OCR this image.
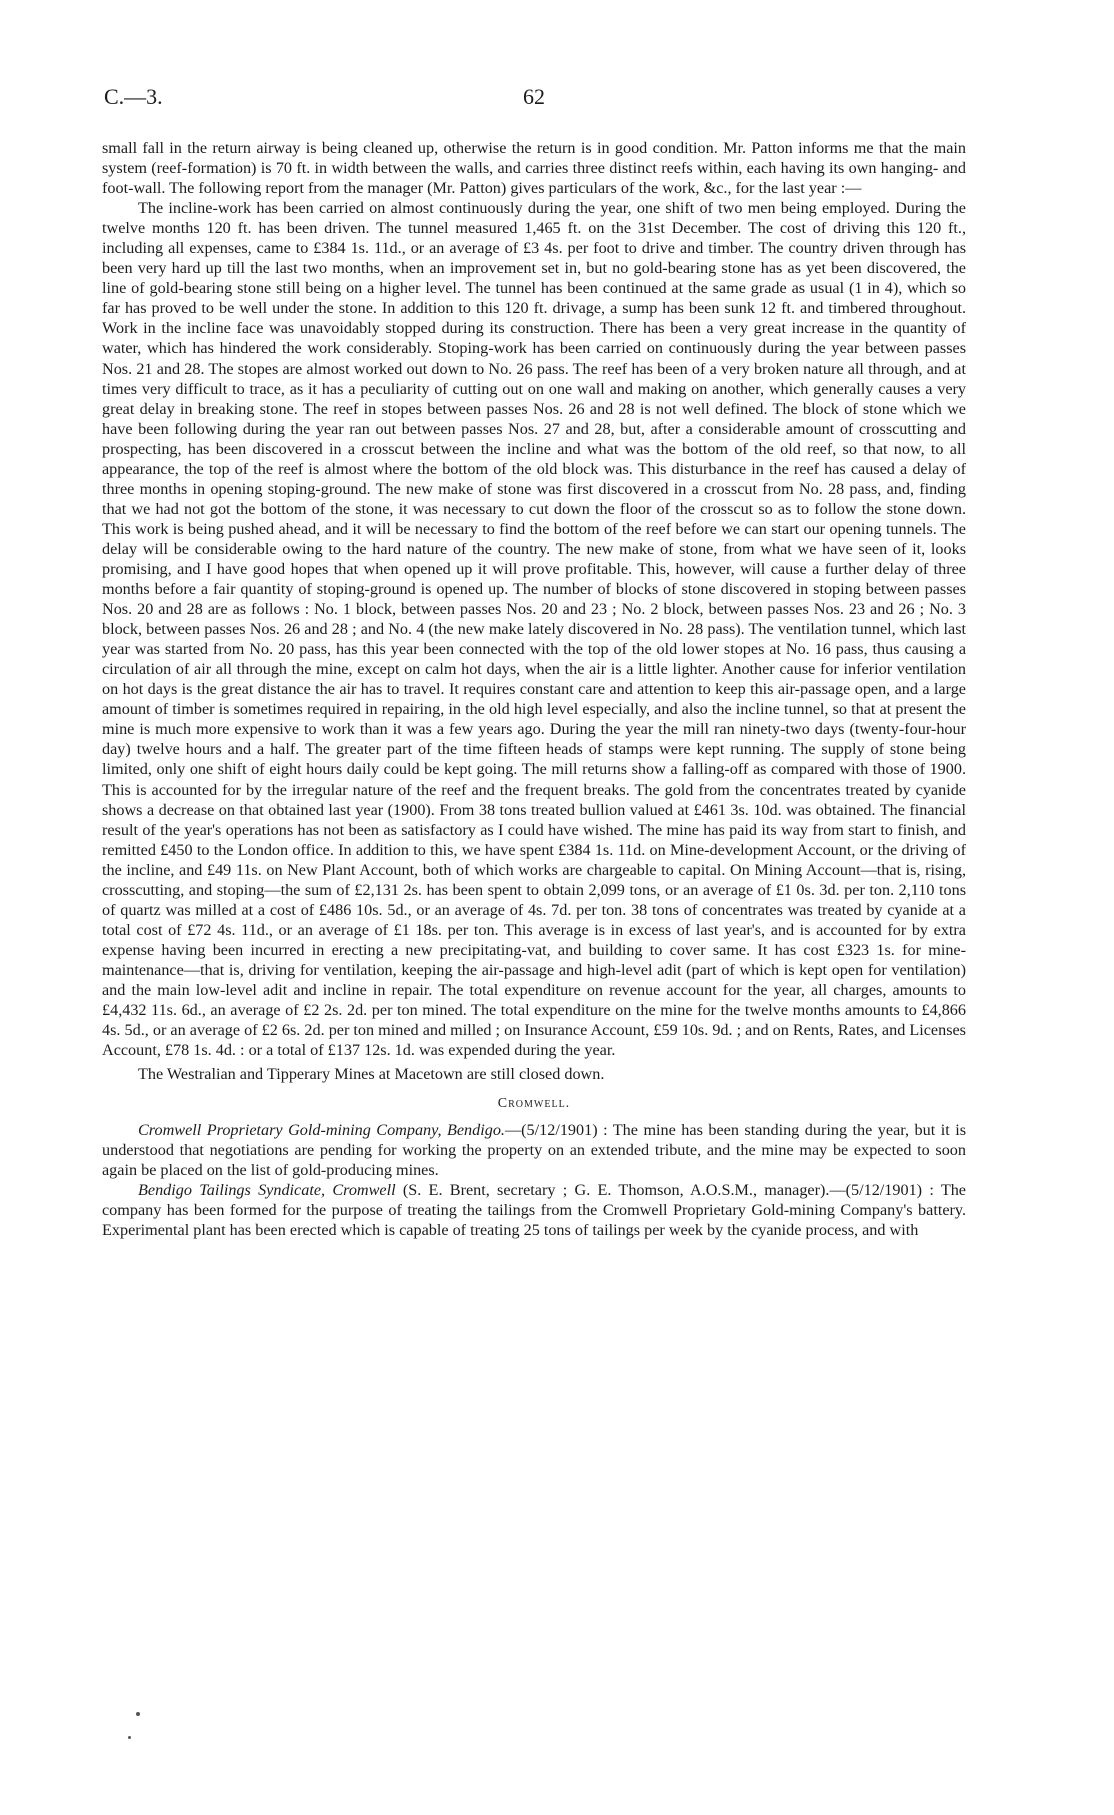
C.—3.	62

small fall in the return airway is being cleaned up, otherwise the return is in good condition. Mr. Patton informs me that the main system (reef-formation) is 70 ft. in width between the walls, and carries three distinct reefs within, each having its own hanging- and foot-wall. The following report from the manager (Mr. Patton) gives particulars of the work, &c., for the last year :—

The incline-work has been carried on almost continuously during the year, one shift of two men being employed. During the twelve months 120 ft. has been driven. The tunnel measured 1,465 ft. on the 31st December. The cost of driving this 120 ft., including all expenses, came to £384 1s. 11d., or an average of £3 4s. per foot to drive and timber. The country driven through has been very hard up till the last two months, when an improvement set in, but no gold-bearing stone has as yet been discovered, the line of gold-bearing stone still being on a higher level. The tunnel has been continued at the same grade as usual (1 in 4), which so far has proved to be well under the stone. In addition to this 120 ft. drivage, a sump has been sunk 12 ft. and timbered throughout. Work in the incline face was unavoidably stopped during its construction. There has been a very great increase in the quantity of water, which has hindered the work considerably. Stoping-work has been carried on continuously during the year between passes Nos. 21 and 28. The stopes are almost worked out down to No. 26 pass. The reef has been of a very broken nature all through, and at times very difficult to trace, as it has a peculiarity of cutting out on one wall and making on another, which generally causes a very great delay in breaking stone. The reef in stopes between passes Nos. 26 and 28 is not well defined. The block of stone which we have been following during the year ran out between passes Nos. 27 and 28, but, after a considerable amount of crosscutting and prospecting, has been discovered in a crosscut between the incline and what was the bottom of the old reef, so that now, to all appearance, the top of the reef is almost where the bottom of the old block was. This disturbance in the reef has caused a delay of three months in opening stoping-ground. The new make of stone was first discovered in a crosscut from No. 28 pass, and, finding that we had not got the bottom of the stone, it was necessary to cut down the floor of the crosscut so as to follow the stone down. This work is being pushed ahead, and it will be necessary to find the bottom of the reef before we can start our opening tunnels. The delay will be considerable owing to the hard nature of the country. The new make of stone, from what we have seen of it, looks promising, and I have good hopes that when opened up it will prove profitable. This, however, will cause a further delay of three months before a fair quantity of stoping-ground is opened up. The number of blocks of stone discovered in stoping between passes Nos. 20 and 28 are as follows : No. 1 block, between passes Nos. 20 and 23 ; No. 2 block, between passes Nos. 23 and 26 ; No. 3 block, between passes Nos. 26 and 28 ; and No. 4 (the new make lately discovered in No. 28 pass). The ventilation tunnel, which last year was started from No. 20 pass, has this year been connected with the top of the old lower stopes at No. 16 pass, thus causing a circulation of air all through the mine, except on calm hot days, when the air is a little lighter. Another cause for inferior ventilation on hot days is the great distance the air has to travel. It requires constant care and attention to keep this air-passage open, and a large amount of timber is sometimes required in repairing, in the old high level especially, and also the incline tunnel, so that at present the mine is much more expensive to work than it was a few years ago. During the year the mill ran ninety-two days (twenty-four-hour day) twelve hours and a half. The greater part of the time fifteen heads of stamps were kept running. The supply of stone being limited, only one shift of eight hours daily could be kept going. The mill returns show a falling-off as compared with those of 1900. This is accounted for by the irregular nature of the reef and the frequent breaks. The gold from the concentrates treated by cyanide shows a decrease on that obtained last year (1900). From 38 tons treated bullion valued at £461 3s. 10d. was obtained. The financial result of the year's operations has not been as satisfactory as I could have wished. The mine has paid its way from start to finish, and remitted £450 to the London office. In addition to this, we have spent £384 1s. 11d. on Mine-development Account, or the driving of the incline, and £49 11s. on New Plant Account, both of which works are chargeable to capital. On Mining Account—that is, rising, crosscutting, and stoping—the sum of £2,131 2s. has been spent to obtain 2,099 tons, or an average of £1 0s. 3d. per ton. 2,110 tons of quartz was milled at a cost of £486 10s. 5d., or an average of 4s. 7d. per ton. 38 tons of concentrates was treated by cyanide at a total cost of £72 4s. 11d., or an average of £1 18s. per ton. This average is in excess of last year's, and is accounted for by extra expense having been incurred in erecting a new precipitating-vat, and building to cover same. It has cost £323 1s. for mine-maintenance—that is, driving for ventilation, keeping the air-passage and high-level adit (part of which is kept open for ventilation) and the main low-level adit and incline in repair. The total expenditure on revenue account for the year, all charges, amounts to £4,432 11s. 6d., an average of £2 2s. 2d. per ton mined. The total expenditure on the mine for the twelve months amounts to £4,866 4s. 5d., or an average of £2 6s. 2d. per ton mined and milled ; on Insurance Account, £59 10s. 9d. ; and on Rents, Rates, and Licenses Account, £78 1s. 4d. : or a total of £137 12s. 1d. was expended during the year.

The Westralian and Tipperary Mines at Macetown are still closed down.

Cromwell.

Cromwell Proprietary Gold-mining Company, Bendigo.—(5/12/1901) : The mine has been standing during the year, but it is understood that negotiations are pending for working the property on an extended tribute, and the mine may be expected to soon again be placed on the list of gold-producing mines.

Bendigo Tailings Syndicate, Cromwell (S. E. Brent, secretary ; G. E. Thomson, A.O.S.M., manager).—(5/12/1901) : The company has been formed for the purpose of treating the tailings from the Cromwell Proprietary Gold-mining Company's battery. Experimental plant has been erected which is capable of treating 25 tons of tailings per week by the cyanide process, and with
